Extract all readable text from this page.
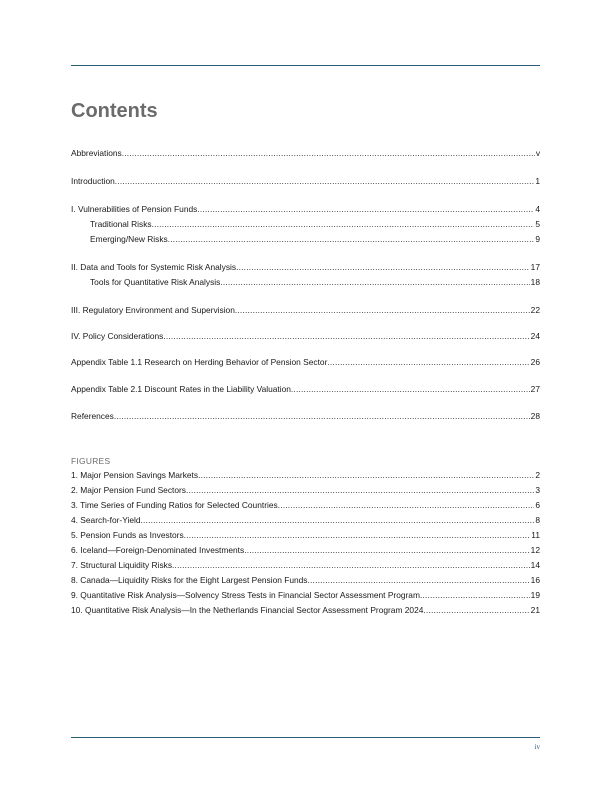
Contents
Abbreviations .....	v
Introduction .....	1
I. Vulnerabilities of Pension Funds .....	4
Traditional Risks .....	5
Emerging/New Risks .....	9
II. Data and Tools for Systemic Risk Analysis .....	17
Tools for Quantitative Risk Analysis .....	18
III. Regulatory Environment and Supervision .....	22
IV. Policy Considerations .....	24
Appendix Table 1.1 Research on Herding Behavior of Pension Sector .....	26
Appendix Table 2.1 Discount Rates in the Liability Valuation .....	27
References .....	28
FIGURES
1. Major Pension Savings Markets .....	2
2. Major Pension Fund Sectors .....	3
3. Time Series of Funding Ratios for Selected Countries .....	6
4. Search-for-Yield .....	8
5. Pension Funds as Investors .....	11
6. Iceland—Foreign-Denominated Investments .....	12
7. Structural Liquidity Risks .....	14
8. Canada—Liquidity Risks for the Eight Largest Pension Funds .....	16
9. Quantitative Risk Analysis—Solvency Stress Tests in Financial Sector Assessment Program .....	19
10. Quantitative Risk Analysis—In the Netherlands Financial Sector Assessment Program 2024 .....	21
iv
